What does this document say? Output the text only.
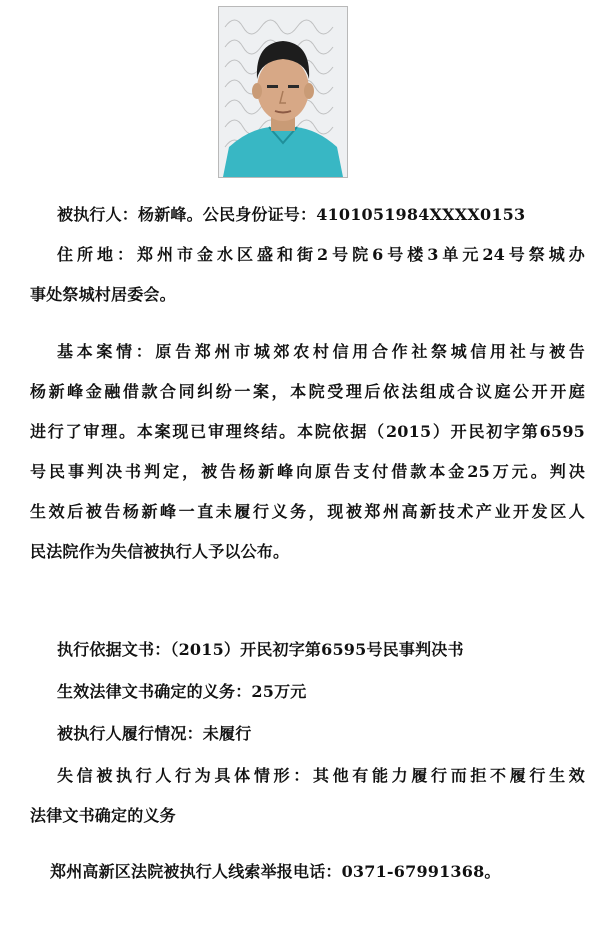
被执行人：杨新峰。公民身份证号：4101051984XXXX0153
住所地：郑州市金水区盛和街2号院6号楼3单元24号祭城办
事处祭城村居委会。
基本案情：原告郑州市城郊农村信用合作社祭城信用社与被告
杨新峰金融借款合同纠纷一案，本院受理后依法组成合议庭公开开庭
进行了审理。本案现已审理终结。本院依据（2015）开民初字第6595
号民事判决书判定，被告杨新峰向原告支付借款本金25万元。判决
生效后被告杨新峰一直未履行义务，现被郑州高新技术产业开发区人
民法院作为失信被执行人予以公布。
执行依据文书：（2015）开民初字第6595号民事判决书
生效法律文书确定的义务：25万元
被执行人履行情况：未履行
失信被执行人行为具体情形：其他有能力履行而拒不履行生效
法律文书确定的义务
郑州高新区法院被执行人线索举报电话：0371-67991368。
